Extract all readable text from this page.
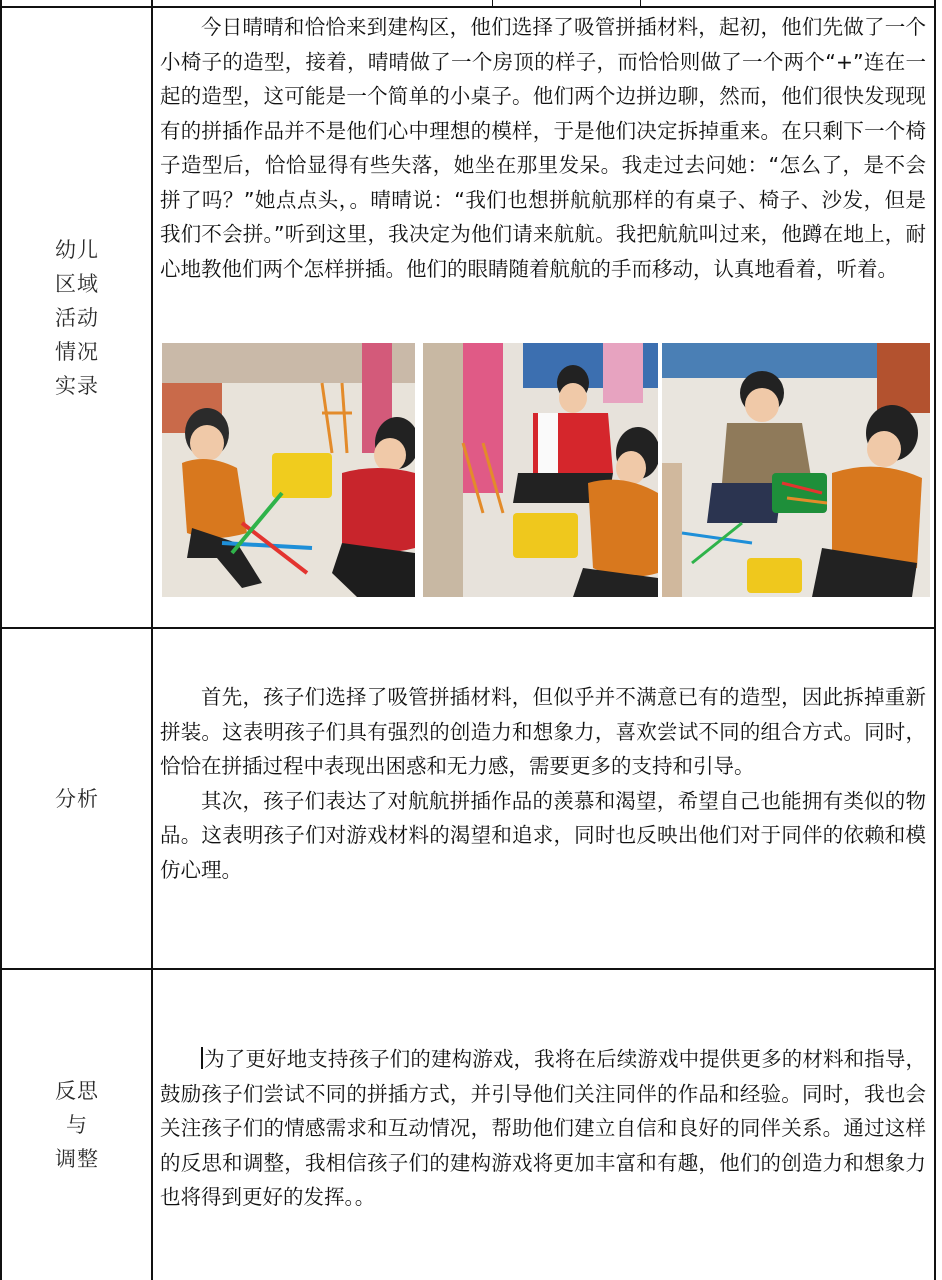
幼儿
区域
活动
情况
实录

今日晴晴和恰恰来到建构区，他们选择了吸管拼插材料，起初，他们先做了一个小椅子的造型，接着，晴晴做了一个房顶的样子，而恰恰则做了一个两个“+”连在一起的造型，这可能是一个简单的小桌子。他们两个边拼边聊，然而，他们很快发现现有的拼插作品并不是他们心中理想的模样，于是他们决定拆掉重来。在只剩下一个椅子造型后，恰恰显得有些失落，她坐在那里发呆。我走过去问她：“怎么了，是不会拼了吗？”她点点头，。晴晴说：“我们也想拼航航那样的有桌子、椅子、沙发，但是我们不会拼。”听到这里，我决定为他们请来航航。我把航航叫过来，他蹲在地上，耐心地教他们两个怎样拼插。他们的眼睛随着航航的手而移动，认真地看着，听着。

分析

首先，孩子们选择了吸管拼插材料，但似乎并不满意已有的造型，因此拆掉重新拼装。这表明孩子们具有强烈的创造力和想象力，喜欢尝试不同的组合方式。同时，恰恰在拼插过程中表现出困惑和无力感，需要更多的支持和引导。

其次，孩子们表达了对航航拼插作品的羡慕和渴望，希望自己也能拥有类似的物品。这表明孩子们对游戏材料的渴望和追求，同时也反映出他们对于同伴的依赖和模仿心理。

反思
与
调整

为了更好地支持孩子们的建构游戏，我将在后续游戏中提供更多的材料和指导，鼓励孩子们尝试不同的拼插方式，并引导他们关注同伴的作品和经验。同时，我也会关注孩子们的情感需求和互动情况，帮助他们建立自信和良好的同伴关系。通过这样的反思和调整，我相信孩子们的建构游戏将更加丰富和有趣，他们的创造力和想象力也将得到更好的发挥。。
